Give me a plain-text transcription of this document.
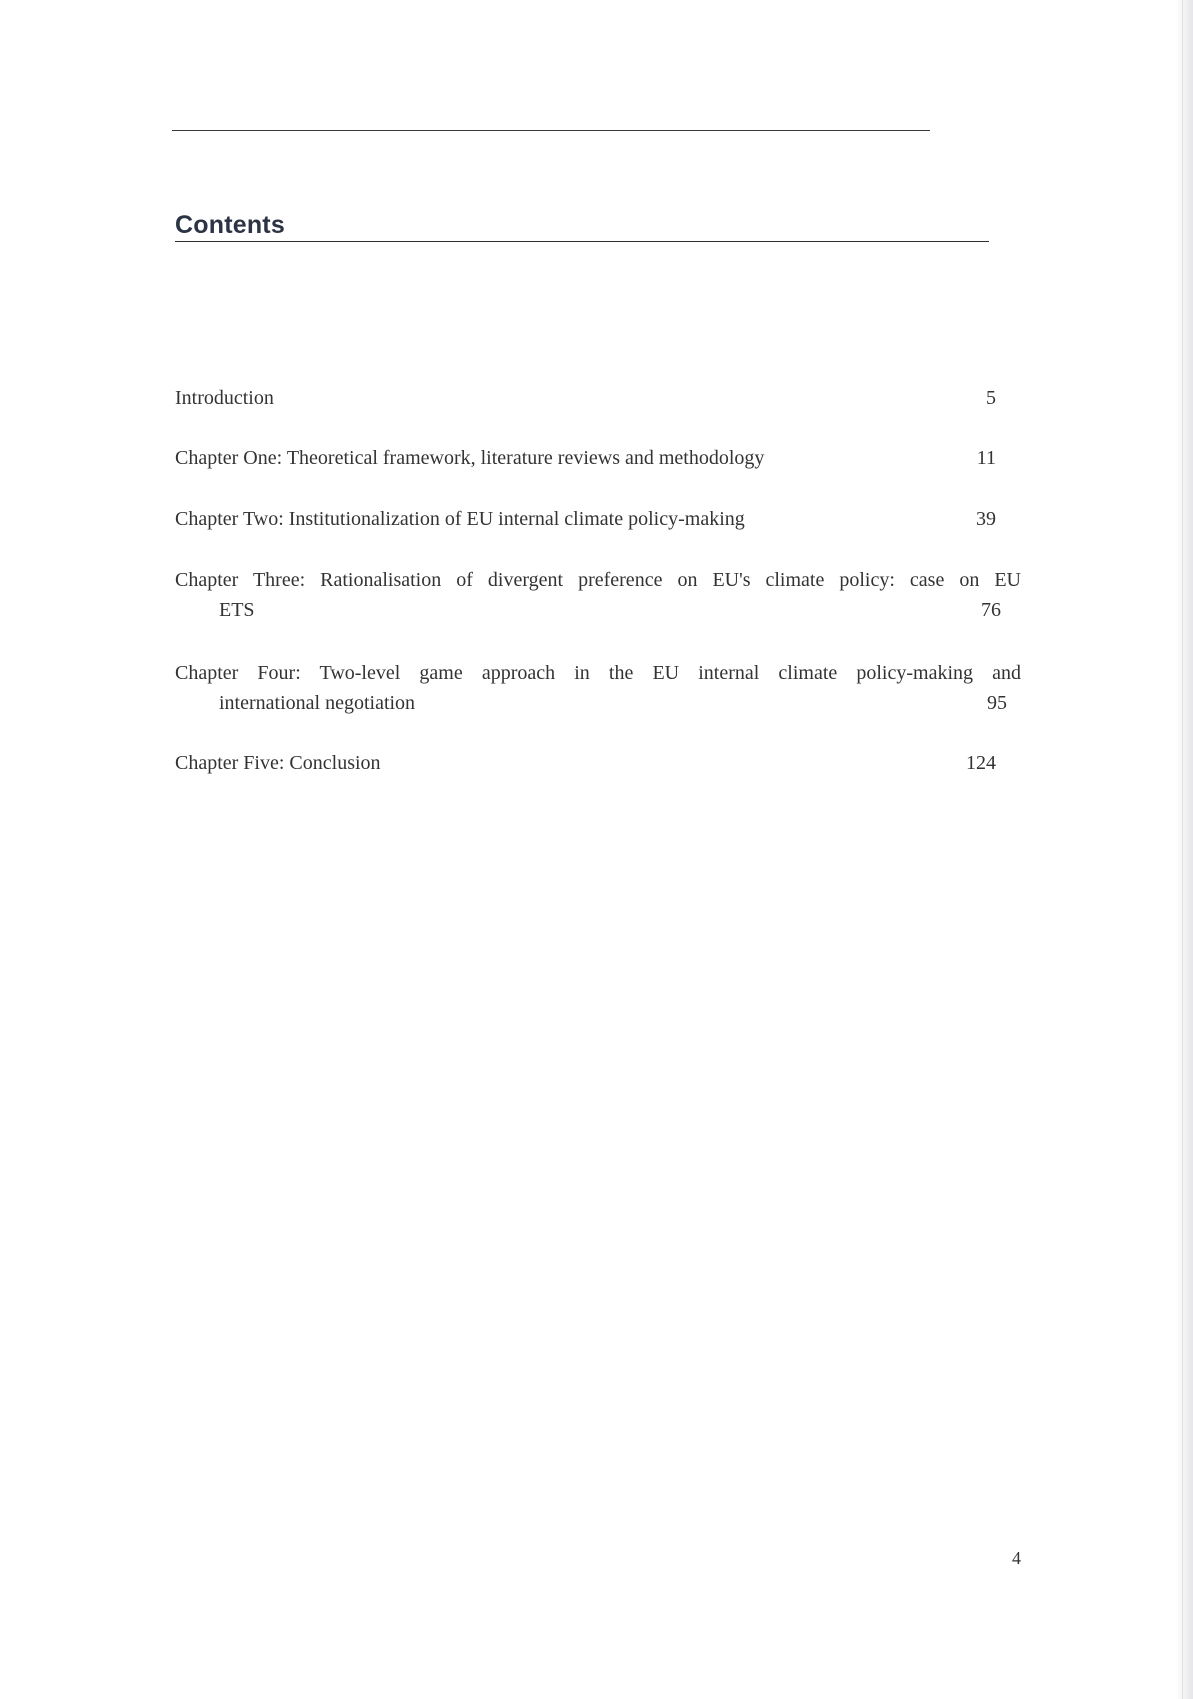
Contents
Introduction	5
Chapter One: Theoretical framework, literature reviews and methodology	11
Chapter Two: Institutionalization of EU internal climate policy-making	39
Chapter Three: Rationalisation of divergent preference on EU's climate policy: case on EU
ETS	76
Chapter Four: Two-level game approach in the EU internal climate policy-making and
international negotiation	95
Chapter Five: Conclusion	124
4
